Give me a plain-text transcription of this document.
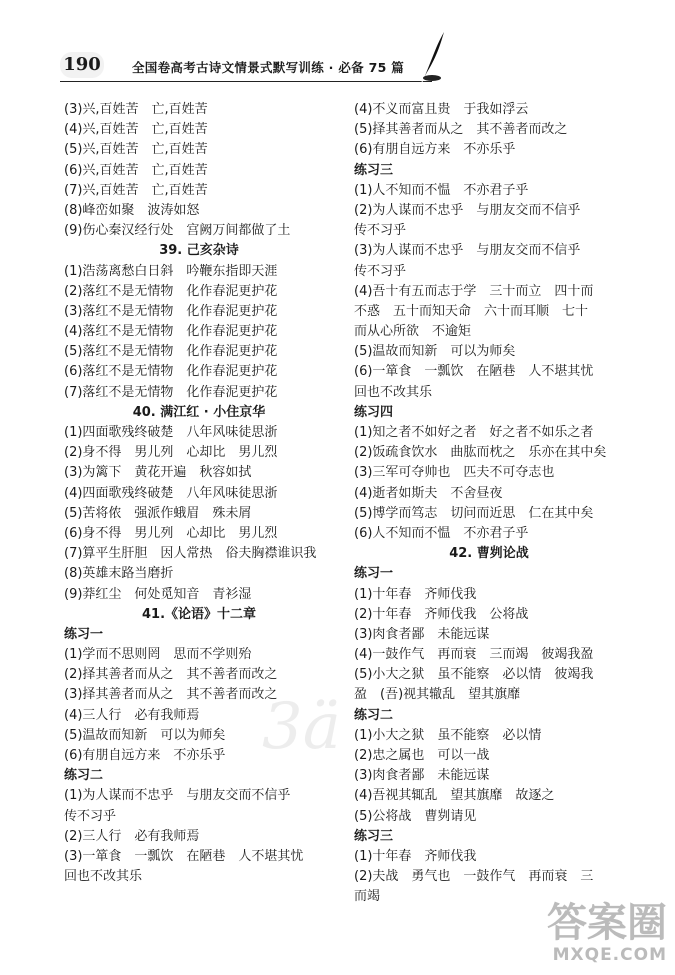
190 全国卷高考古诗文情景式默写训练 · 必备 75 篇
(3)兴,百姓苦　亡,百姓苦
(4)兴,百姓苦　亡,百姓苦
(5)兴,百姓苦　亡,百姓苦
(6)兴,百姓苦　亡,百姓苦
(7)兴,百姓苦　亡,百姓苦
(8)峰峦如聚　波涛如怒
(9)伤心秦汉经行处　宫阙万间都做了土
39. 己亥杂诗
(1)浩荡离愁白日斜　吟鞭东指即天涯
(2)落红不是无情物　化作春泥更护花
(3)落红不是无情物　化作春泥更护花
(4)落红不是无情物　化作春泥更护花
(5)落红不是无情物　化作春泥更护花
(6)落红不是无情物　化作春泥更护花
(7)落红不是无情物　化作春泥更护花
40. 满江红 · 小住京华
(1)四面歌残终破楚　八年风味徒思浙
(2)身不得　男儿列　心却比　男儿烈
(3)为篱下　黄花开遍　秋容如拭
(4)四面歌残终破楚　八年风味徒思浙
(5)苦将侬　强派作蛾眉　殊未屑
(6)身不得　男儿列　心却比　男儿烈
(7)算平生肝胆　因人常热　俗夫胸襟谁识我
(8)英雄末路当磨折
(9)莽红尘　何处觅知音　青衫湿
41.《论语》十二章
练习一
(1)学而不思则罔　思而不学则殆
(2)择其善者而从之　其不善者而改之
(3)择其善者而从之　其不善者而改之
(4)三人行　必有我师焉
(5)温故而知新　可以为师矣
(6)有朋自远方来　不亦乐乎
练习二
(1)为人谋而不忠乎　与朋友交而不信乎
传不习乎
(2)三人行　必有我师焉
(3)一箪食　一瓢饮　在陋巷　人不堪其忧
回也不改其乐
(4)不义而富且贵　于我如浮云
(5)择其善者而从之　其不善者而改之
(6)有朋自远方来　不亦乐乎
练习三
(1)人不知而不愠　不亦君子乎
(2)为人谋而不忠乎　与朋友交而不信乎
传不习乎
(3)为人谋而不忠乎　与朋友交而不信乎
传不习乎
(4)吾十有五而志于学　三十而立　四十而
不惑　五十而知天命　六十而耳顺　七十
而从心所欲　不逾矩
(5)温故而知新　可以为师矣
(6)一箪食　一瓢饮　在陋巷　人不堪其忧
回也不改其乐
练习四
(1)知之者不如好之者　好之者不如乐之者
(2)饭疏食饮水　曲肱而枕之　乐亦在其中矣
(3)三军可夺帅也　匹夫不可夺志也
(4)逝者如斯夫　不舍昼夜
(5)博学而笃志　切问而近思　仁在其中矣
(6)人不知而不愠　不亦君子乎
42. 曹刿论战
练习一
(1)十年春　齐师伐我
(2)十年春　齐师伐我　公将战
(3)肉食者鄙　未能远谋
(4)一鼓作气　再而衰　三而竭　彼竭我盈
(5)小大之狱　虽不能察　必以情　彼竭我
盈　(吾)视其辙乱　望其旗靡
练习二
(1)小大之狱　虽不能察　必以情
(2)忠之属也　可以一战
(3)肉食者鄙　未能远谋
(4)吾视其辄乱　望其旗靡　故逐之
(5)公将战　曹刿请见
练习三
(1)十年春　齐师伐我
(2)夫战　勇气也　一鼓作气　再而衰　三
而竭
3ä
答案圈
MXQE.COM
